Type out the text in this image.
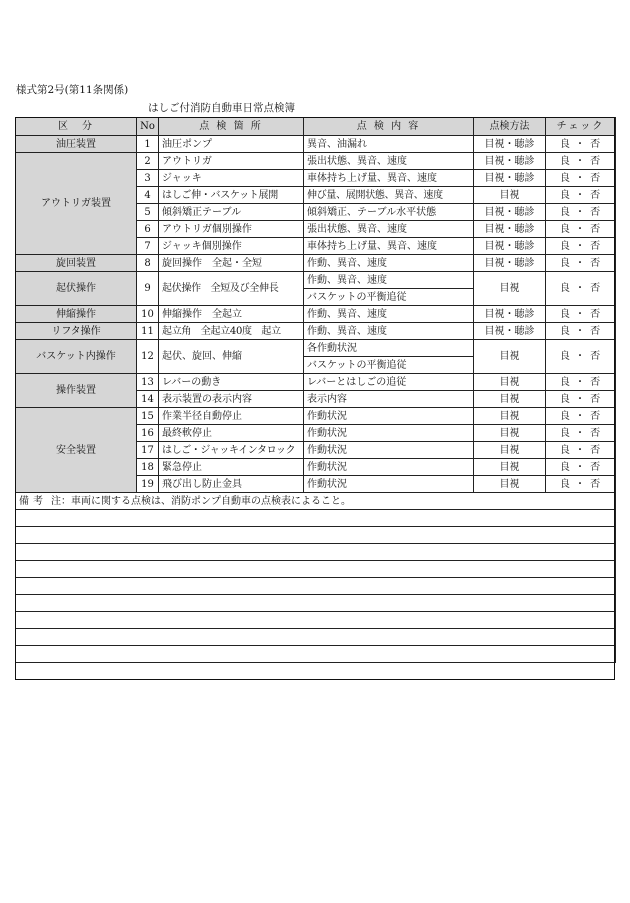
様式第2号(第11条関係)
はしご付消防自動車日常点検簿
区　分	No	点 検 箇 所	点 検 内 容	点検方法	チェック
油圧装置	1	油圧ポンプ	異音、油漏れ	目視・聴診	良 ・ 否
アウトリガ装置	2	アウトリガ	張出状態、異音、速度	目視・聴診	良 ・ 否
	3	ジャッキ	車体持ち上げ量、異音、速度	目視・聴診	良 ・ 否
	4	はしご伸・バスケット展開	伸び量、展開状態、異音、速度	目視	良 ・ 否
	5	傾斜矯正テーブル	傾斜矯正、テーブル水平状態	目視・聴診	良 ・ 否
	6	アウトリガ個別操作	張出状態、異音、速度	目視・聴診	良 ・ 否
	7	ジャッキ個別操作	車体持ち上げ量、異音、速度	目視・聴診	良 ・ 否
旋回装置	8	旋回操作　全起・全短	作動、異音、速度	目視・聴診	良 ・ 否
起伏操作	9	起伏操作　全短及び全伸長	作動、異音、速度	目視	良 ・ 否
			バスケットの平衡追従		
伸縮操作	10	伸縮操作　全起立	作動、異音、速度	目視・聴診	良 ・ 否
リフタ操作	11	起立角　全起立40度　起立	作動、異音、速度	目視・聴診	良 ・ 否
バスケット内操作	12	起伏、旋回、伸縮	各作動状況	目視	良 ・ 否
			バスケットの平衡追従		
操作装置	13	レバーの動き	レバーとはしごの追従	目視	良 ・ 否
	14	表示装置の表示内容	表示内容	目視	良 ・ 否
安全装置	15	作業半径自動停止	作動状況	目視	良 ・ 否
	16	最終軟停止	作動状況	目視	良 ・ 否
	17	はしご・ジャッキインタロック	作動状況	目視	良 ・ 否
	18	緊急停止	作動状況	目視	良 ・ 否
	19	飛び出し防止金具	作動状況	目視	良 ・ 否
備考 注：車両に関する点検は、消防ポンプ自動車の点検表によること。					
